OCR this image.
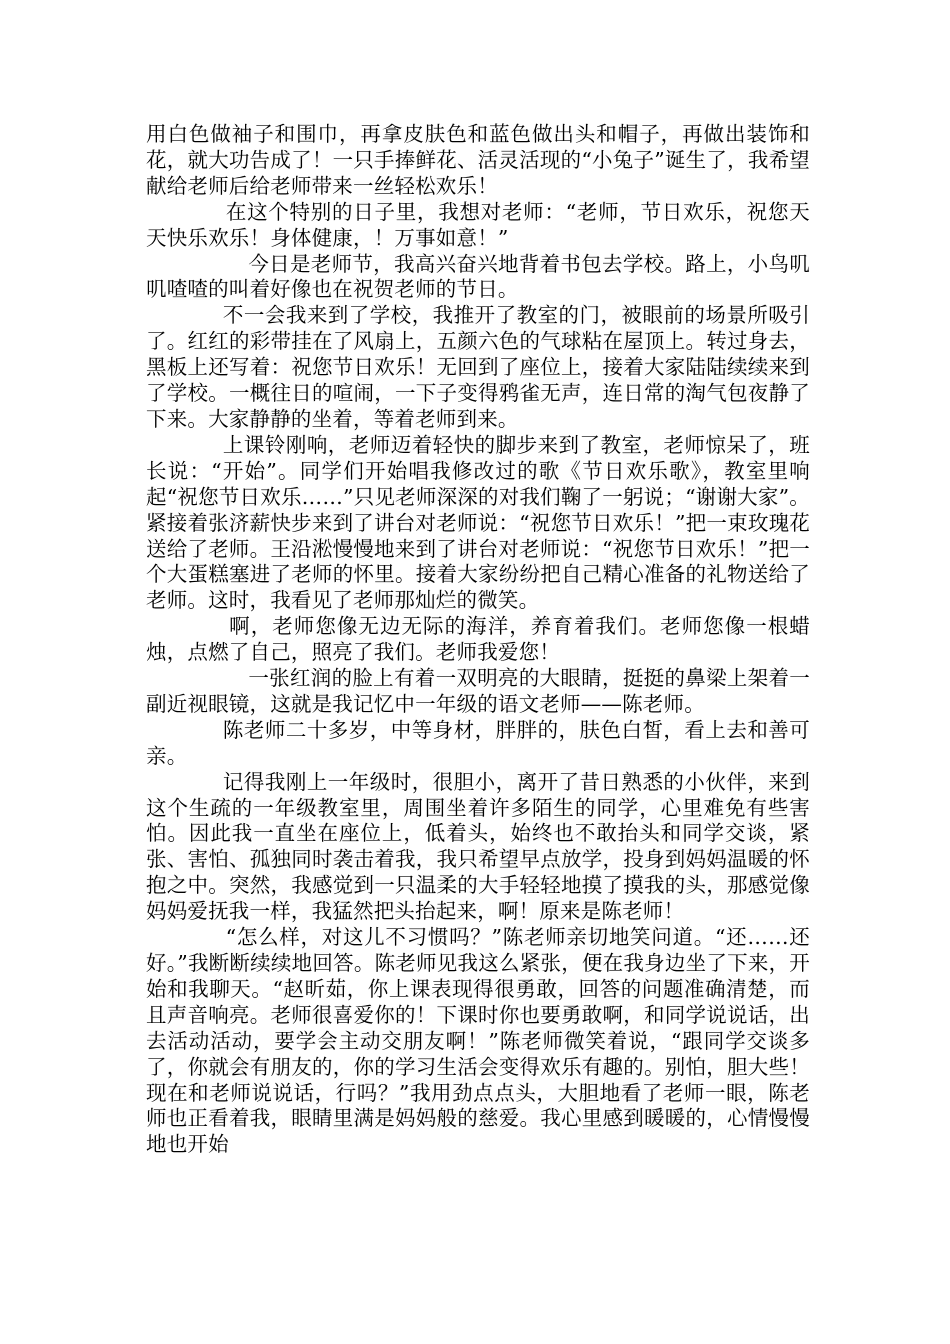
用白色做袖子和围巾，再拿皮肤色和蓝色做出头和帽子，再做出装饰和花，就大功告成了！一只手捧鲜花、活灵活现的“小兔子”诞生了，我希望献给老师后给老师带来一丝轻松欢乐！

在这个特别的日子里，我想对老师：“老师，节日欢乐，祝您天天快乐欢乐！身体健康，！万事如意！”

今日是老师节，我高兴奋兴地背着书包去学校。路上，小鸟叽叽喳喳的叫着好像也在祝贺老师的节日。

不一会我来到了学校，我推开了教室的门，被眼前的场景所吸引了。红红的彩带挂在了风扇上，五颜六色的气球粘在屋顶上。转过身去，黑板上还写着：祝您节日欢乐！无回到了座位上，接着大家陆陆续续来到了学校。一概往日的喧闹，一下子变得鸦雀无声，连日常的淘气包夜静了下来。大家静静的坐着，等着老师到来。

上课铃刚响，老师迈着轻快的脚步来到了教室，老师惊呆了，班长说：“开始”。同学们开始唱我修改过的歌《节日欢乐歌》，教室里响起“祝您节日欢乐……”只见老师深深的对我们鞠了一躬说；“谢谢大家”。紧接着张济薪快步来到了讲台对老师说：“祝您节日欢乐！”把一束玫瑰花送给了老师。王沿淞慢慢地来到了讲台对老师说：“祝您节日欢乐！”把一个大蛋糕塞进了老师的怀里。接着大家纷纷把自己精心准备的礼物送给了老师。这时，我看见了老师那灿烂的微笑。

啊，老师您像无边无际的海洋，养育着我们。老师您像一根蜡烛，点燃了自己，照亮了我们。老师我爱您！

一张红润的脸上有着一双明亮的大眼睛，挺挺的鼻梁上架着一副近视眼镜，这就是我记忆中一年级的语文老师——陈老师。

陈老师二十多岁，中等身材，胖胖的，肤色白皙，看上去和善可亲。

记得我刚上一年级时，很胆小，离开了昔日熟悉的小伙伴，来到这个生疏的一年级教室里，周围坐着许多陌生的同学，心里难免有些害怕。因此我一直坐在座位上，低着头，始终也不敢抬头和同学交谈，紧张、害怕、孤独同时袭击着我，我只希望早点放学，投身到妈妈温暖的怀抱之中。突然，我感觉到一只温柔的大手轻轻地摸了摸我的头，那感觉像妈妈爱抚我一样，我猛然把头抬起来，啊！原来是陈老师！

“怎么样，对这儿不习惯吗？”陈老师亲切地笑问道。“还……还好。”我断断续续地回答。陈老师见我这么紧张，便在我身边坐了下来，开始和我聊天。“赵昕茹，你上课表现得很勇敢，回答的问题准确清楚，而且声音响亮。老师很喜爱你的！下课时你也要勇敢啊，和同学说说话，出去活动活动，要学会主动交朋友啊！”陈老师微笑着说，“跟同学交谈多了，你就会有朋友的，你的学习生活会变得欢乐有趣的。别怕，胆大些！现在和老师说说话，行吗？”我用劲点点头，大胆地看了老师一眼，陈老师也正看着我，眼睛里满是妈妈般的慈爱。我心里感到暖暖的，心情慢慢地也开始
